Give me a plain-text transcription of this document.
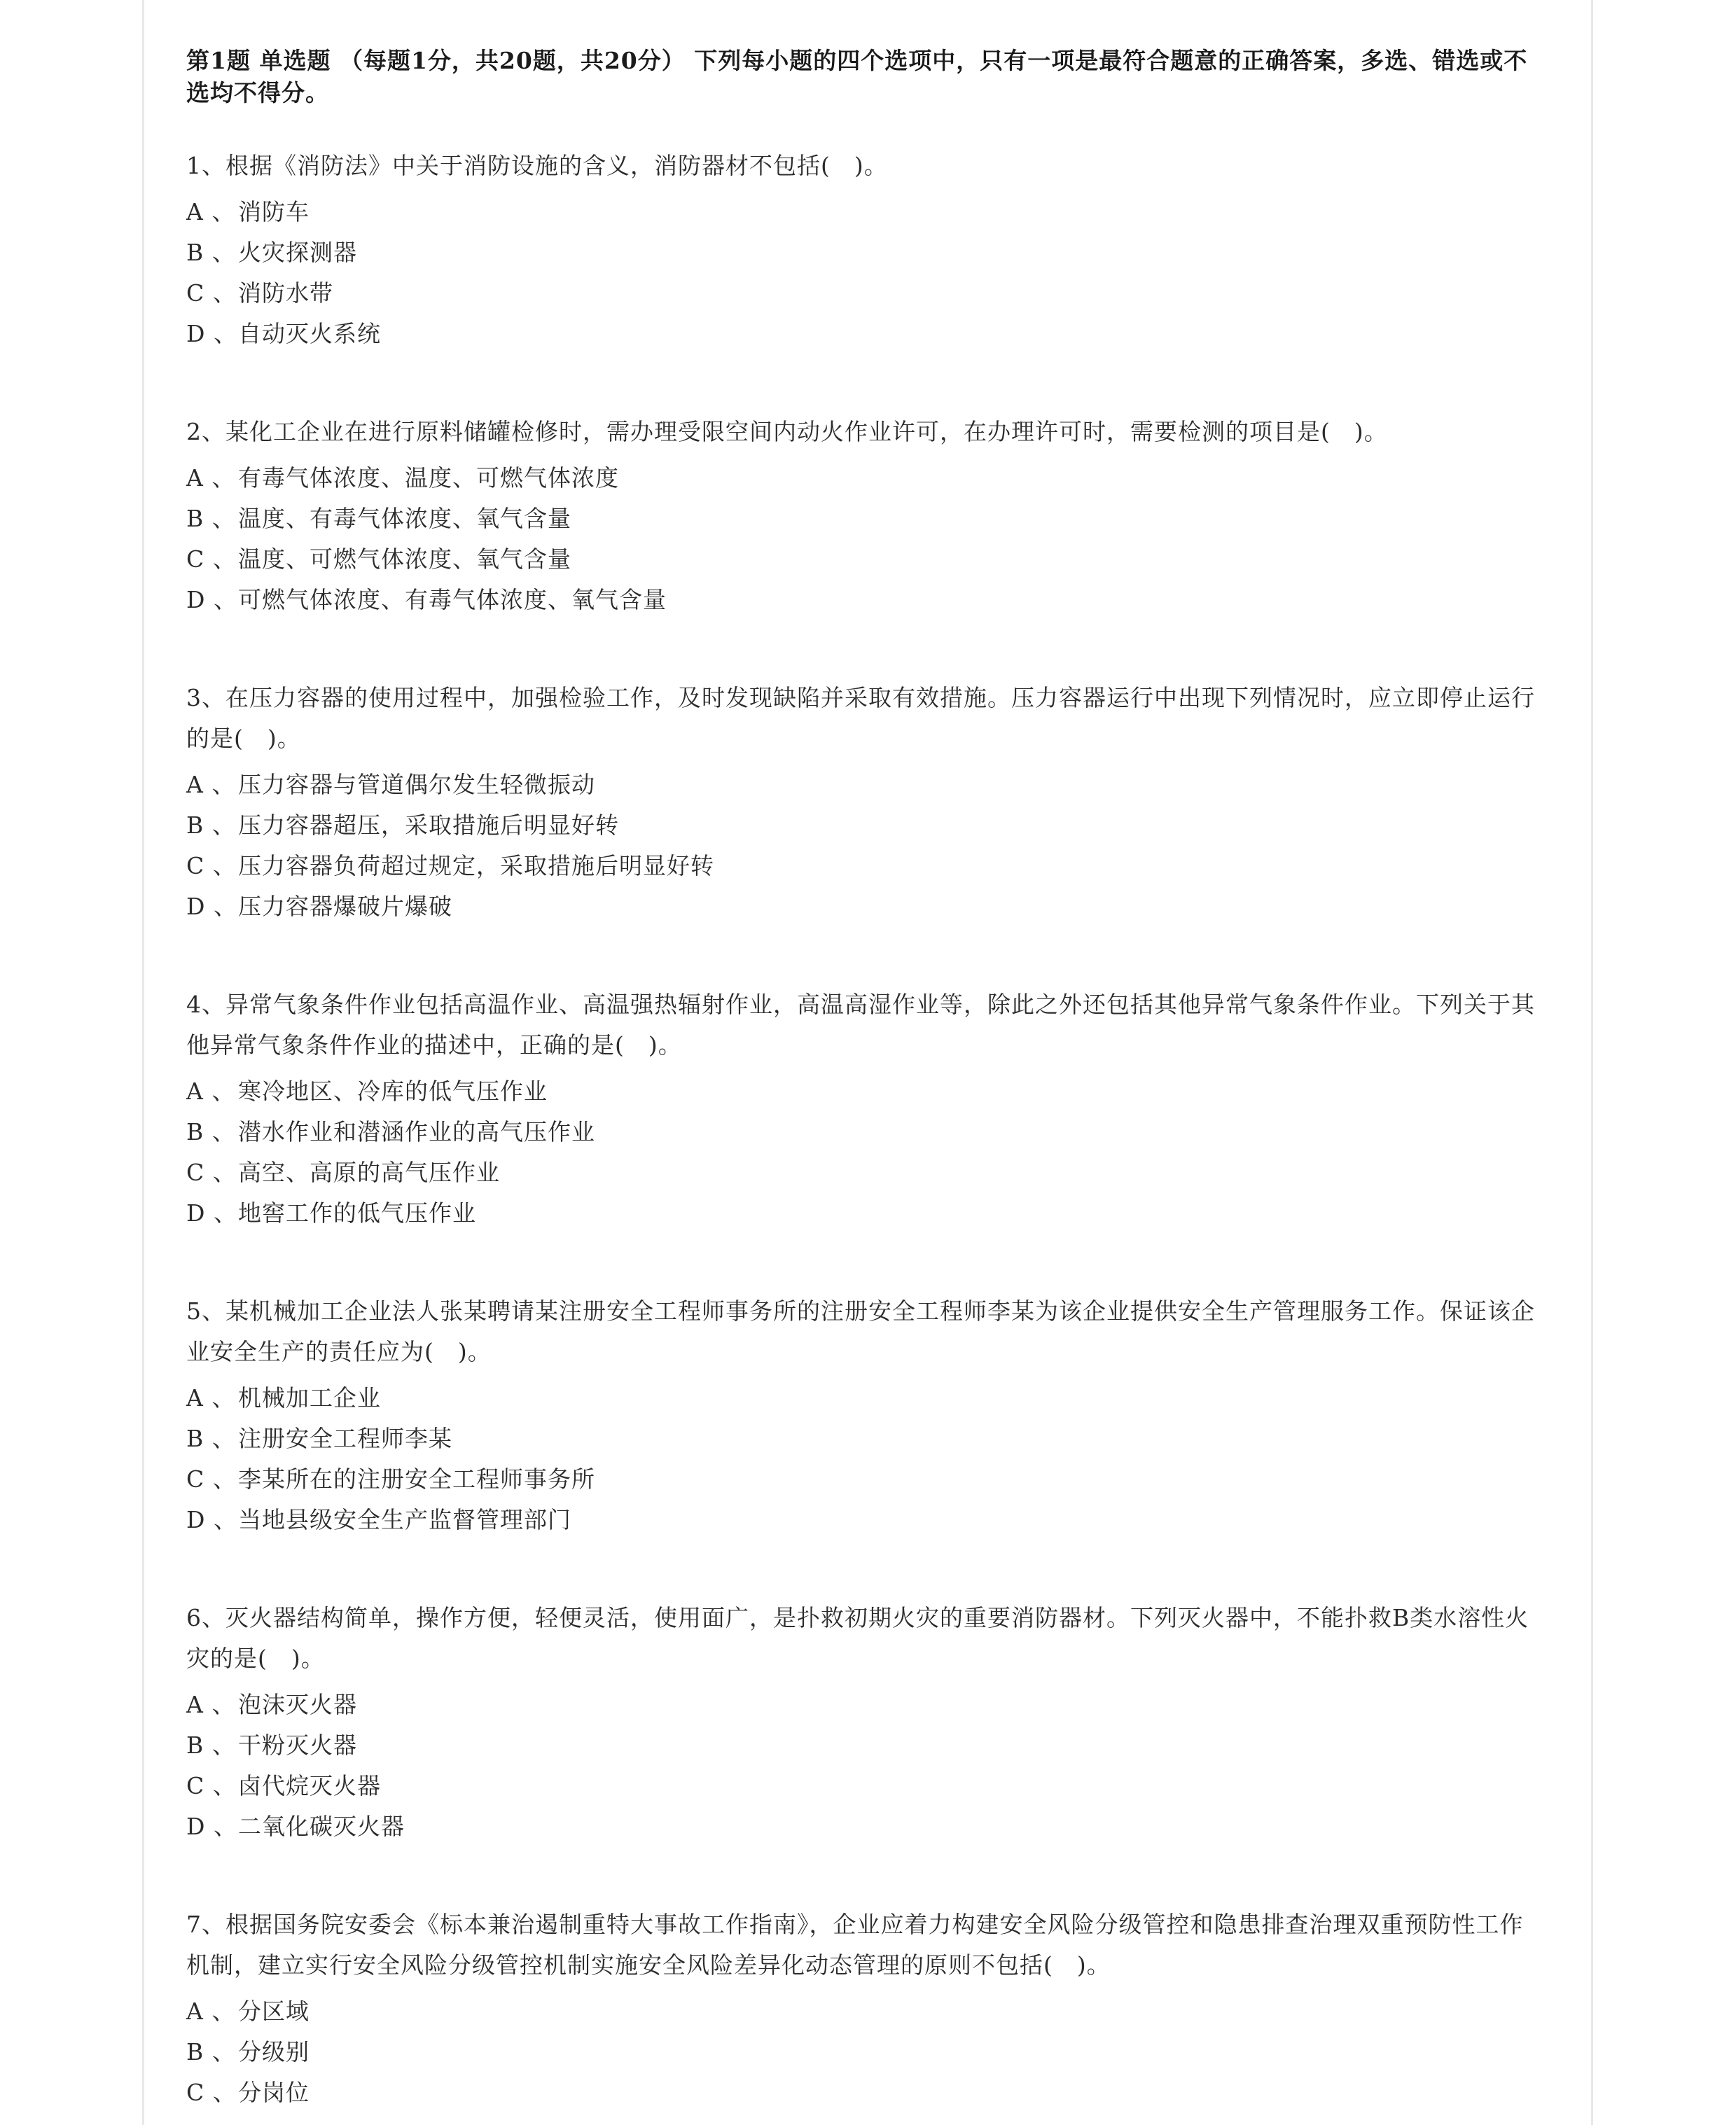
第1题 单选题 （每题1分，共20题，共20分） 下列每小题的四个选项中，只有一项是最符合题意的正确答案，多选、错选或不选均不得分。

1、根据《消防法》中关于消防设施的含义，消防器材不包括(　)。

A 、 消防车
B 、 火灾探测器
C 、 消防水带
D 、 自动灭火系统

2、某化工企业在进行原料储罐检修时，需办理受限空间内动火作业许可，在办理许可时，需要检测的项目是(　)。

A 、 有毒气体浓度、温度、可燃气体浓度
B 、 温度、有毒气体浓度、氧气含量
C 、 温度、可燃气体浓度、氧气含量
D 、 可燃气体浓度、有毒气体浓度、氧气含量

3、在压力容器的使用过程中，加强检验工作，及时发现缺陷并采取有效措施。压力容器运行中出现下列情况时，应立即停止运行的是(　)。

A 、 压力容器与管道偶尔发生轻微振动
B 、 压力容器超压，采取措施后明显好转
C 、 压力容器负荷超过规定，采取措施后明显好转
D 、 压力容器爆破片爆破

4、异常气象条件作业包括高温作业、高温强热辐射作业，高温高湿作业等，除此之外还包括其他异常气象条件作业。下列关于其他异常气象条件作业的描述中，正确的是(　)。

A 、 寒冷地区、冷库的低气压作业
B 、 潜水作业和潜涵作业的高气压作业
C 、 高空、高原的高气压作业
D 、 地窖工作的低气压作业

5、某机械加工企业法人张某聘请某注册安全工程师事务所的注册安全工程师李某为该企业提供安全生产管理服务工作。保证该企业安全生产的责任应为(　)。

A 、 机械加工企业
B 、 注册安全工程师李某
C 、 李某所在的注册安全工程师事务所
D 、 当地县级安全生产监督管理部门

6、灭火器结构简单，操作方便，轻便灵活，使用面广，是扑救初期火灾的重要消防器材。下列灭火器中，不能扑救B类水溶性火灾的是(　)。

A 、 泡沫灭火器
B 、 干粉灭火器
C 、 卤代烷灭火器
D 、 二氧化碳灭火器

7、根据国务院安委会《标本兼治遏制重特大事故工作指南》，企业应着力构建安全风险分级管控和隐患排查治理双重预防性工作机制，建立实行安全风险分级管控机制实施安全风险差异化动态管理的原则不包括(　)。

A 、 分区域
B 、 分级别
C 、 分岗位
